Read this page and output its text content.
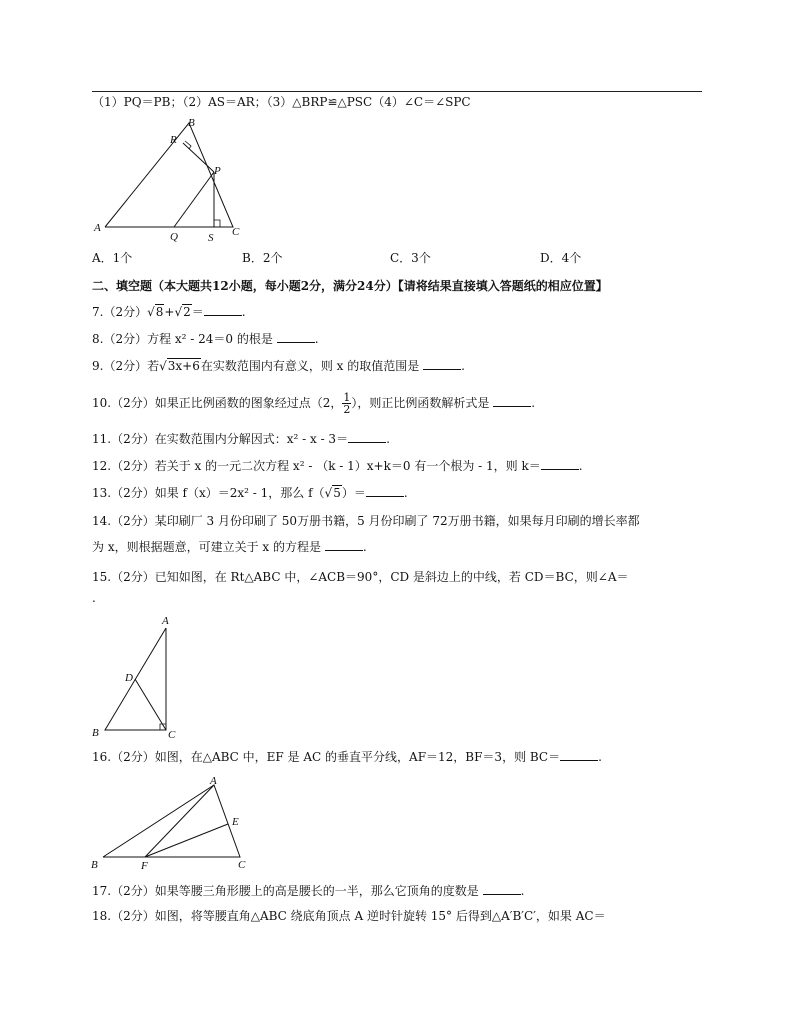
（1）PQ＝PB；（2）AS＝AR；（3）△BRP≌△PSC（4）∠C＝∠SPC
R
B
P
A
Q	S C
A．1个	B．2个	C．3个	D．4个
二、填空题（本大题共12小题，每小题2分，满分24分）【请将结果直接填入答题纸的相应位置】
7.（2分）√8+√2＝	.
8.（2分）方程 x² - 24＝0 的根是	.
9.（2分）若√3x+6在实数范围内有意义，则 x 的取值范围是	.
10.（2分）如果正比例函数的图象经过点（2， $\frac{1}{2}$ ），则正比例函数解析式是	.
11.（2分）在实数范围内分解因式：x² - x - 3＝	.
12.（2分）若关于 x 的一元二次方程 x² - （k - 1）x+k＝0 有一个根为 - 1，则 k＝	.
13.（2分）如果 f（x）＝2x² - 1，那么 f（√5）＝	.
14.（2分）某印刷厂 3 月份印刷了 50万册书籍，5 月份印刷了 72万册书籍，如果每月印刷的增长率都
为 x，则根据题意，可建立关于 x 的方程是	.
15.（2分）已知如图，在 Rt△ABC 中，∠ACB＝90°，CD 是斜边上的中线，若 CD＝BC，则∠A＝
.
A
D
B	C
16.（2分）如图，在△ABC 中，EF 是 AC 的垂直平分线，AF＝12，BF＝3，则 BC＝	.
A
E
B	F	C
17.（2分）如果等腰三角形腰上的高是腰长的一半，那么它顶角的度数是	.
18.（2分）如图，将等腰直角△ABC 绕底角顶点 A 逆时针旋转 15° 后得到△A′B′C′，如果 AC＝
